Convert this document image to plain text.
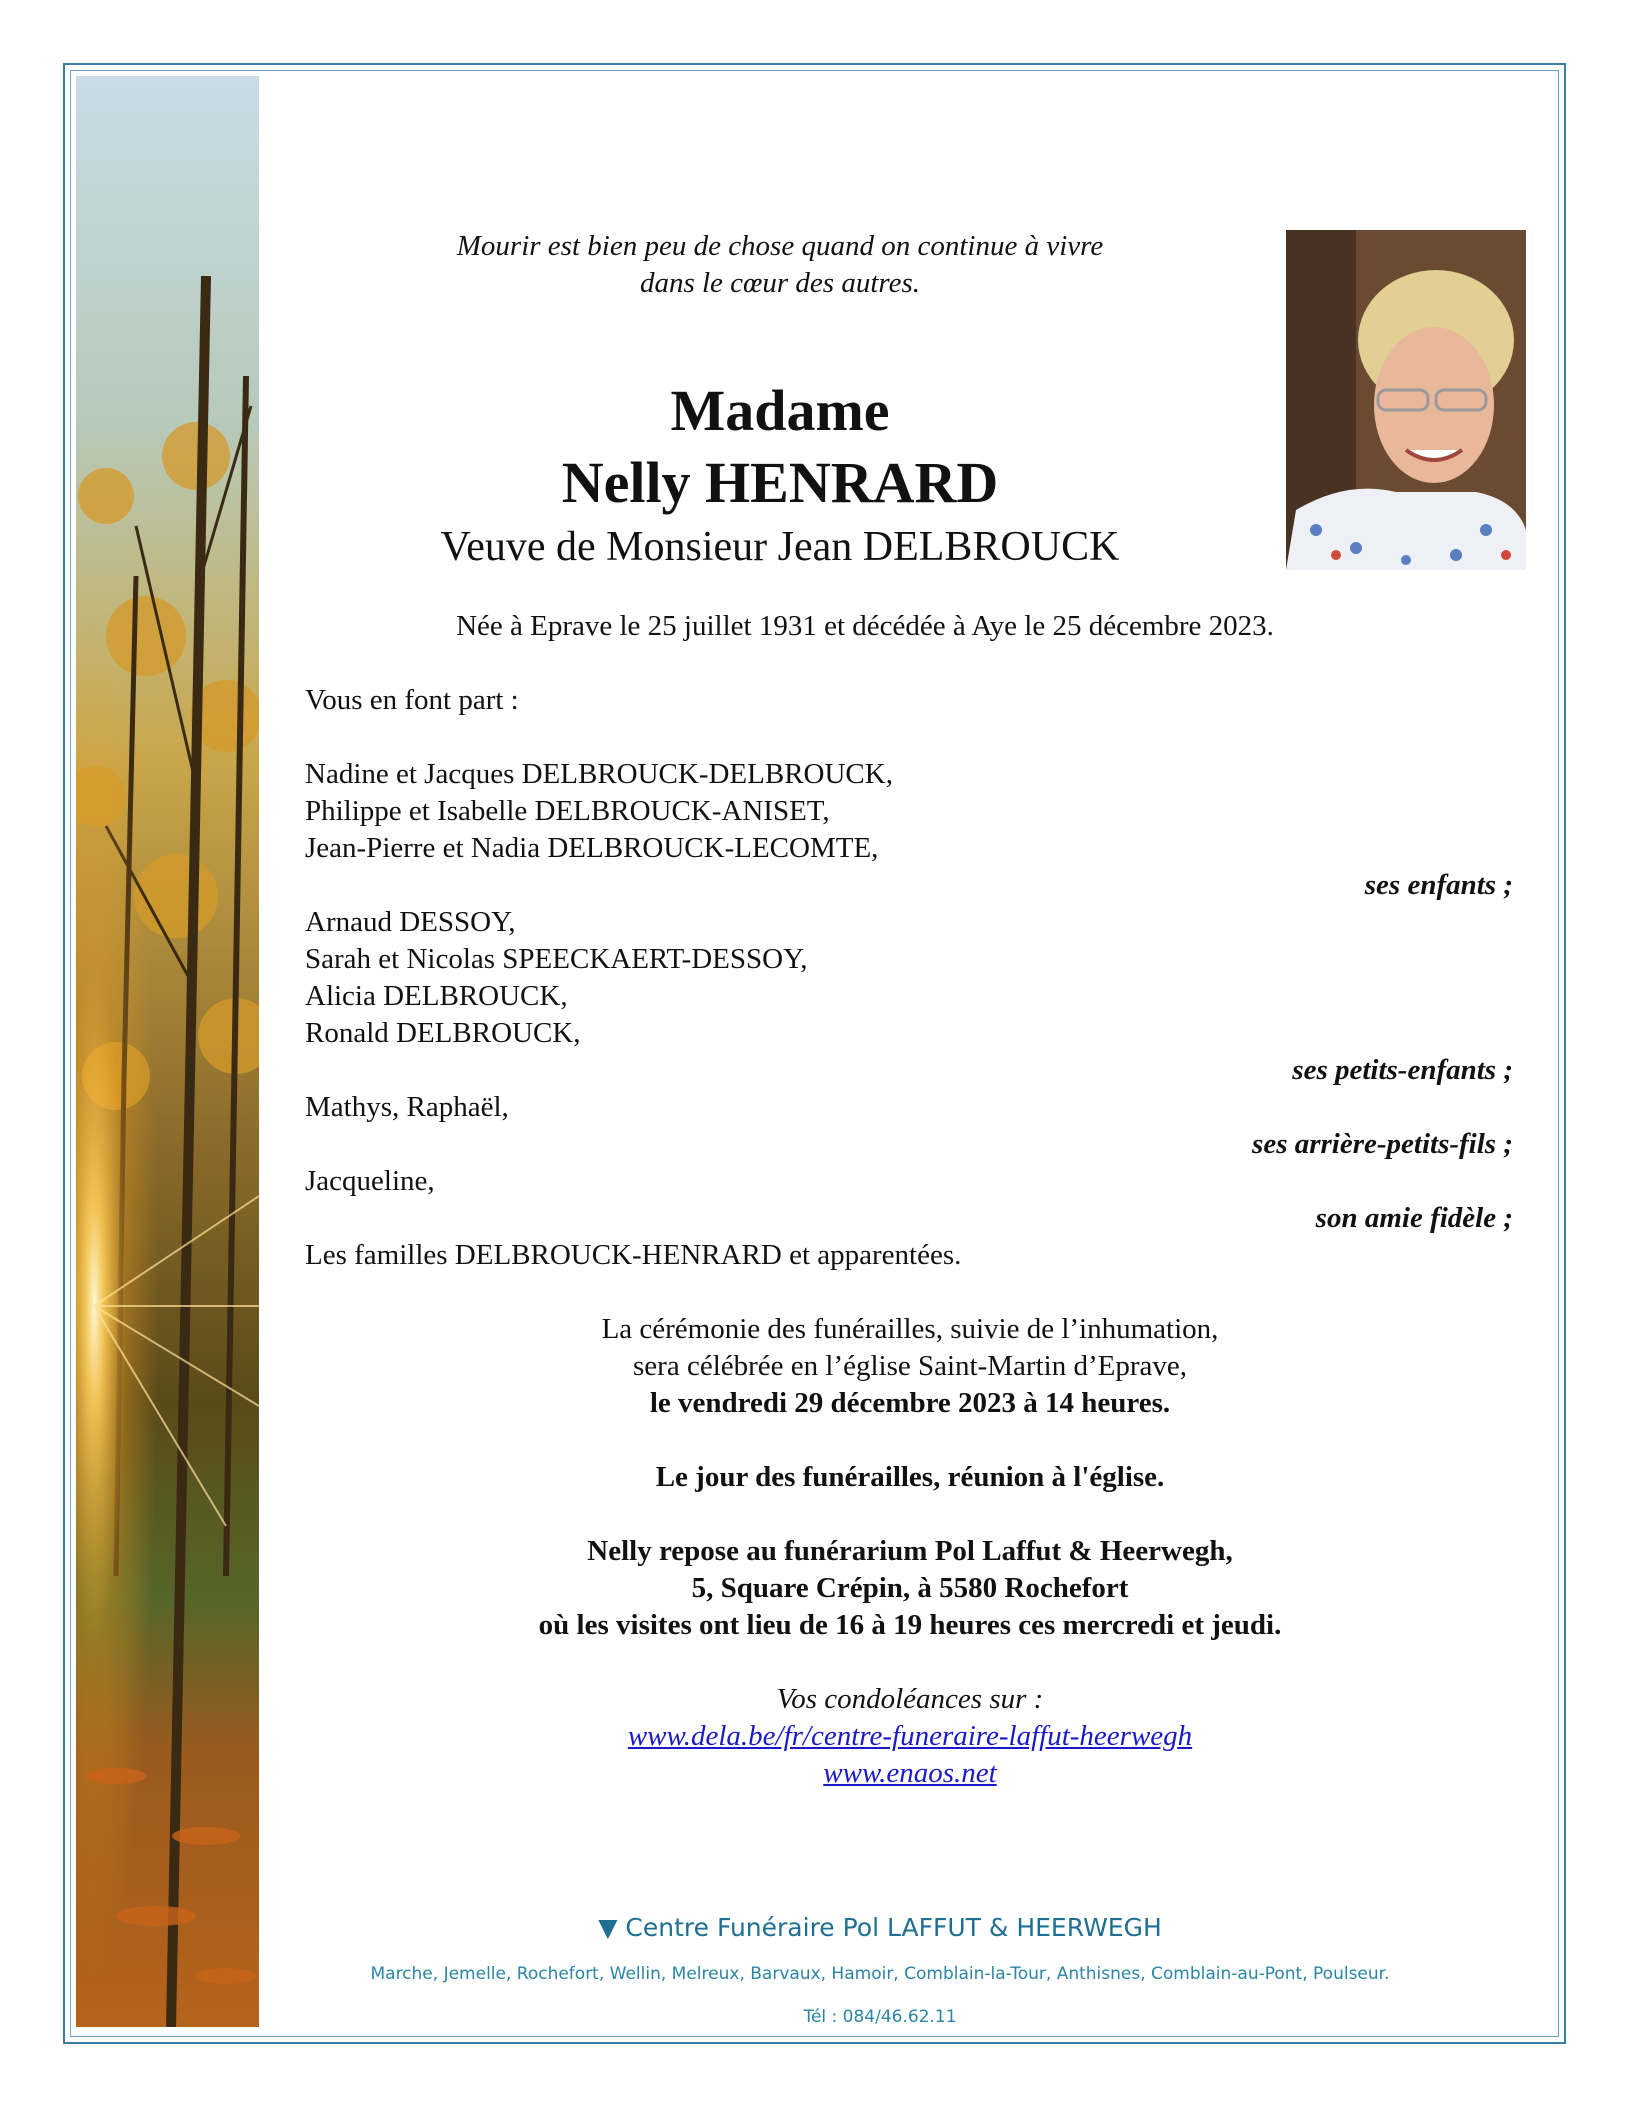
Mourir est bien peu de chose quand on continue à vivre
dans le cœur des autres.
Madame
Nelly HENRARD
Veuve de Monsieur Jean DELBROUCK
Née à Eprave le 25 juillet 1931 et décédée à Aye le 25 décembre 2023.
Vous en font part :
Nadine et Jacques DELBROUCK-DELBROUCK,
Philippe et Isabelle DELBROUCK-ANISET,
Jean-Pierre et Nadia DELBROUCK-LECOMTE,
ses enfants ;
Arnaud DESSOY,
Sarah et Nicolas SPEECKAERT-DESSOY,
Alicia DELBROUCK,
Ronald DELBROUCK,
ses petits-enfants ;
Mathys, Raphaël,
ses arrière-petits-fils ;
Jacqueline,
son amie fidèle ;
Les familles DELBROUCK-HENRARD et apparentées.
La cérémonie des funérailles, suivie de l’inhumation,
sera célébrée en l’église Saint-Martin d’Eprave,
le vendredi 29 décembre 2023 à 14 heures.
Le jour des funérailles, réunion à l'église.
Nelly repose au funérarium Pol Laffut & Heerwegh,
5, Square Crépin, à 5580 Rochefort
où les visites ont lieu de 16 à 19 heures ces mercredi et jeudi.
Vos condoléances sur :
www.dela.be/fr/centre-funeraire-laffut-heerwegh
www.enaos.net
▼ Centre Funéraire Pol LAFFUT & HEERWEGH
Marche, Jemelle, Rochefort, Wellin, Melreux, Barvaux, Hamoir, Comblain-la-Tour, Anthisnes, Comblain-au-Pont, Poulseur.
Tél : 084/46.62.11
